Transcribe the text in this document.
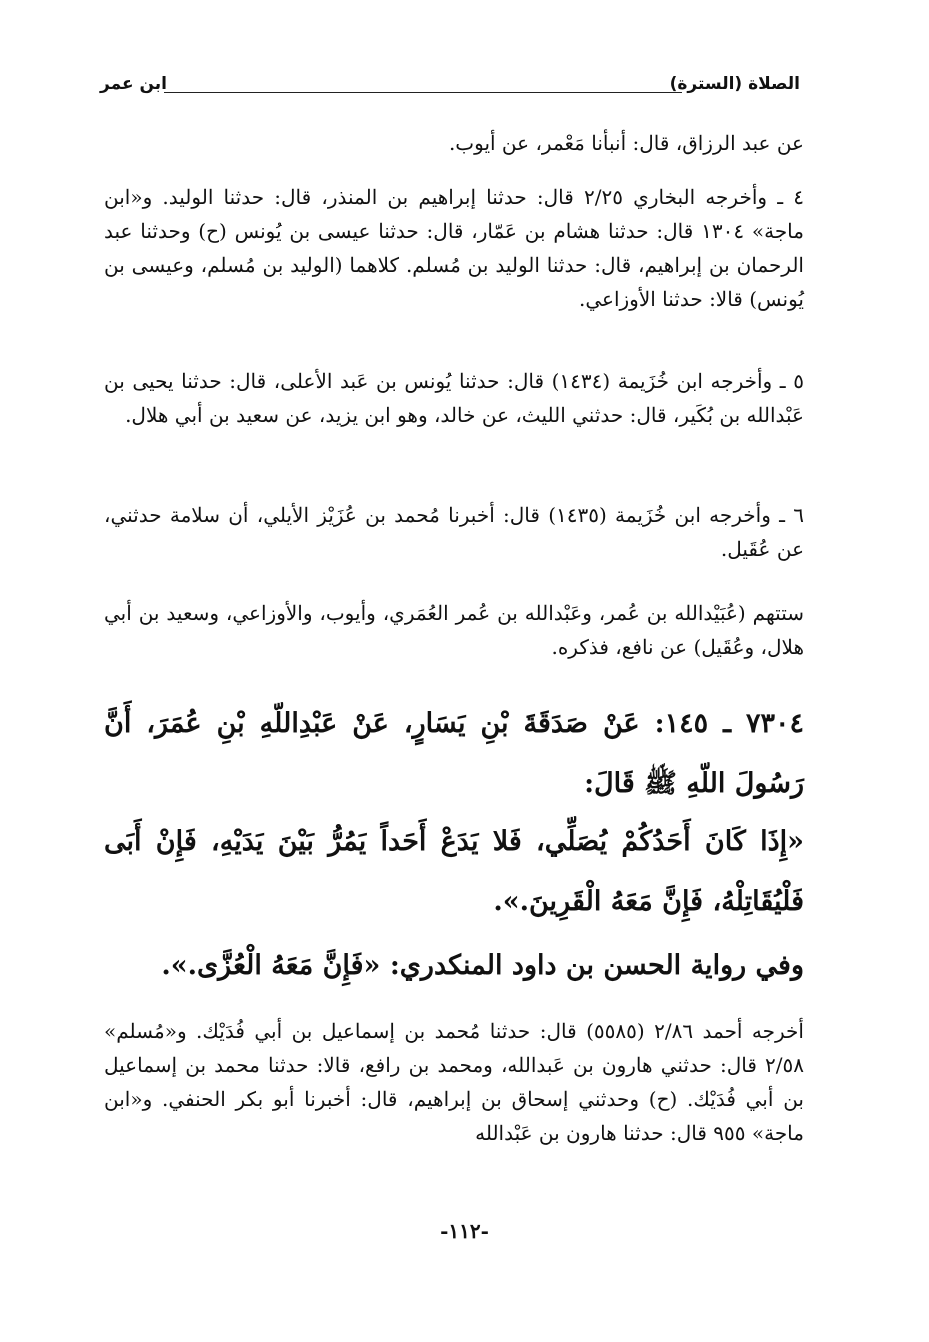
الصلاة (السترة)
ابن عمر
عن عبد الرزاق، قال: أنبأنا مَعْمر، عن أيوب.
٤ ـ وأخرجه البخاري ٢/٢٥ قال: حدثنا إبراهيم بن المنذر، قال: حدثنا الوليد. و«ابن ماجة» ١٣٠٤ قال: حدثنا هشام بن عَمّار، قال: حدثنا عيسى بن يُونس (ح) وحدثنا عبد الرحمان بن إبراهيم، قال: حدثنا الوليد بن مُسلم. كلاهما (الوليد بن مُسلم، وعيسى بن يُونس) قالا: حدثنا الأوزاعي.
٥ ـ وأخرجه ابن خُزَيمة (١٤٣٤) قال: حدثنا يُونس بن عَبد الأعلى، قال: حدثنا يحيى بن عَبْدالله بن بُكَير، قال: حدثني الليث، عن خالد، وهو ابن يزيد، عن سعيد بن أبي هلال.
٦ ـ وأخرجه ابن خُزَيمة (١٤٣٥) قال: أخبرنا مُحمد بن عُزَيْز الأيلي، أن سلامة حدثني، عن عُقَيل.
ستتهم (عُبَيْدالله بن عُمر، وعَبْدالله بن عُمر العُمَري، وأيوب، والأوزاعي، وسعيد بن أبي هلال، وعُقَيل) عن نافع، فذكره.
٧٣٠٤ ـ ١٤٥: عَنْ صَدَقَةَ بْنِ يَسَارٍ، عَنْ عَبْدِاللّهِ بْنِ عُمَرَ، أَنَّ رَسُولَ اللّهِ ﷺ قَالَ:
«إِذَا كَانَ أَحَدُكُمْ يُصَلِّي، فَلا يَدَعْ أَحَداً يَمُرُّ بَيْنَ يَدَيْهِ، فَإِنْ أَبَى فَلْيُقَاتِلْهُ، فَإِنَّ مَعَهُ الْقَرِينَ.».
وفي رواية الحسن بن داود المنكدري: «فَإِنَّ مَعَهُ الْعُزَّى.».
أخرجه أحمد ٢/٨٦ (٥٥٨٥) قال: حدثنا مُحمد بن إسماعيل بن أبي فُدَيْك. و«مُسلم» ٢/٥٨ قال: حدثني هارون بن عَبدالله، ومحمد بن رافع، قالا: حدثنا محمد بن إسماعيل بن أبي فُدَيْك. (ح) وحدثني إسحاق بن إبراهيم، قال: أخبرنا أبو بكر الحنفي. و«ابن ماجة» ٩٥٥ قال: حدثنا هارون بن عَبْدالله
-١١٢-
